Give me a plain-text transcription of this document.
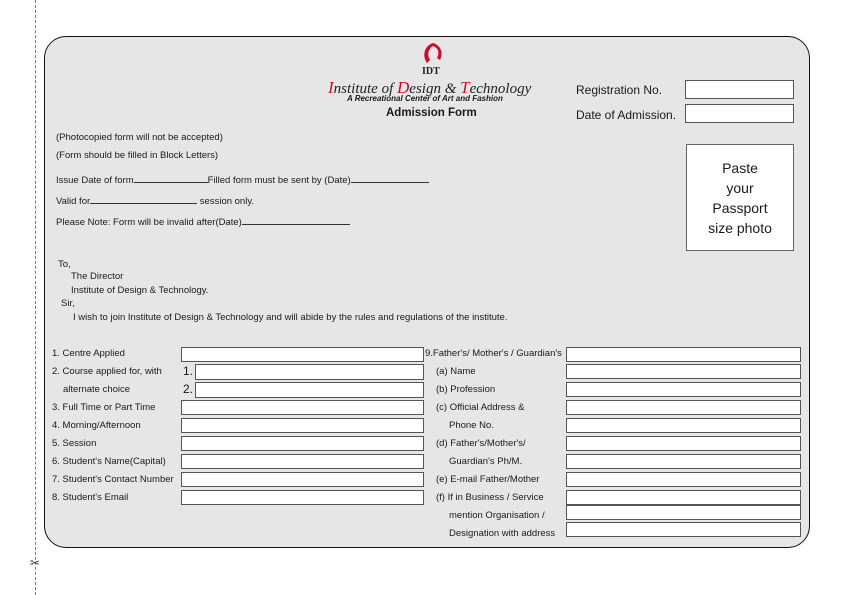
✂
IDT
Institute of Design & Technology
A Recreational Center of Art and Fashion
Admission Form
Registration No.
Date of Admission.
Paste
your
Passport
size photo
(Photocopied form will not be accepted)
(Form should be filled in Block Letters)
Issue Date of form	Filled form must be sent by (Date)
Valid for	session only.
Please Note: Form will be invalid after(Date)
To,
The Director
Institute of Design & Technology.
Sir,
I wish to join Institute of Design & Technology and will abide by the rules and regulations of the institute.
1. Centre Applied
2. Course applied for, with 1.
alternate choice	2.
3. Full Time or Part Time
4. Morning/Afternoon
5. Session
6. Student's Name(Capital)
7. Student's Contact Number
8. Student's Email
9.Father's/ Mother's / Guardian's
(a) Name
(b) Profession
(c) Official Address &
Phone No.
(d) Father's/Mother's/
Guardian's Ph/M.
(e) E-mail Father/Mother
(f) If in Business / Service
mention Organisation /
Designation with address
